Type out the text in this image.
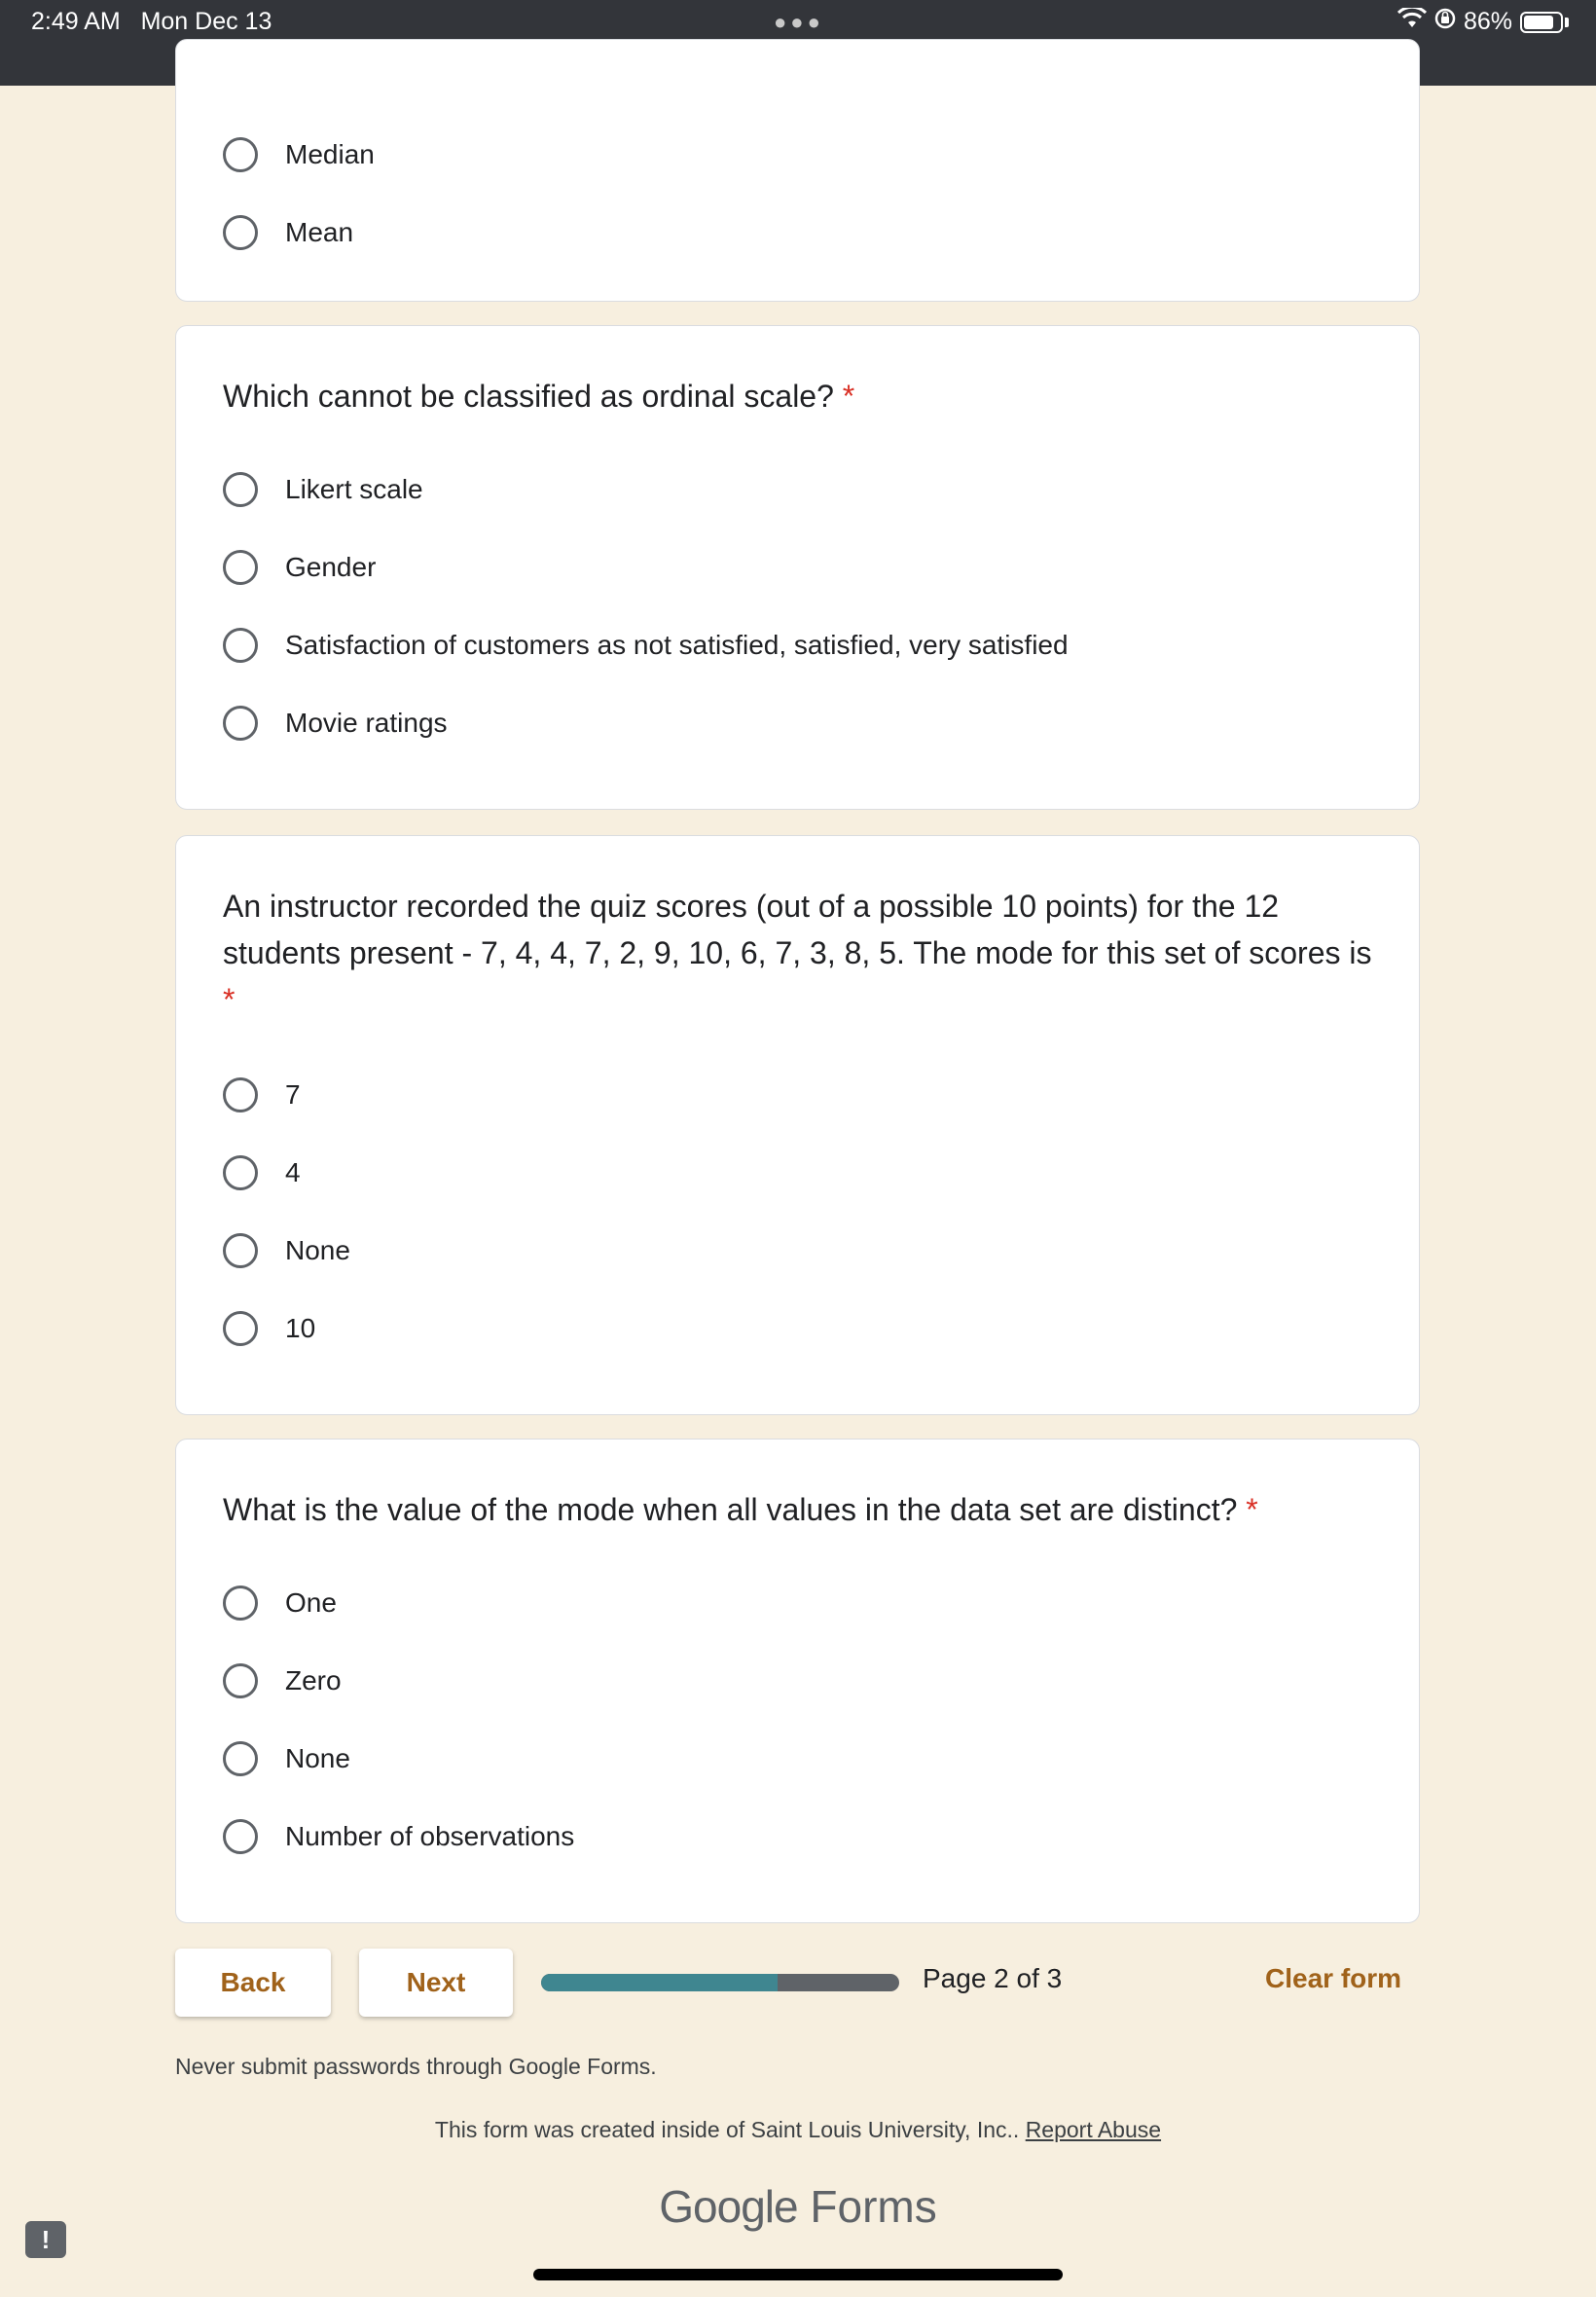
2:49 AM Mon Dec 13	●●●	86%
Median
Mean
Which cannot be classified as ordinal scale? *
Likert scale
Gender
Satisfaction of customers as not satisfied, satisfied, very satisfied
Movie ratings
An instructor recorded the quiz scores (out of a possible 10 points) for the 12 students present - 7, 4, 4, 7, 2, 9, 10, 6, 7, 3, 8, 5. The mode for this set of scores is
*
7
4
None
10
What is the value of the mode when all values in the data set are distinct? *
One
Zero
None
Number of observations
Back	Next	Page 2 of 3	Clear form
Never submit passwords through Google Forms.
This form was created inside of Saint Louis University, Inc.. Report Abuse
Google Forms
!
